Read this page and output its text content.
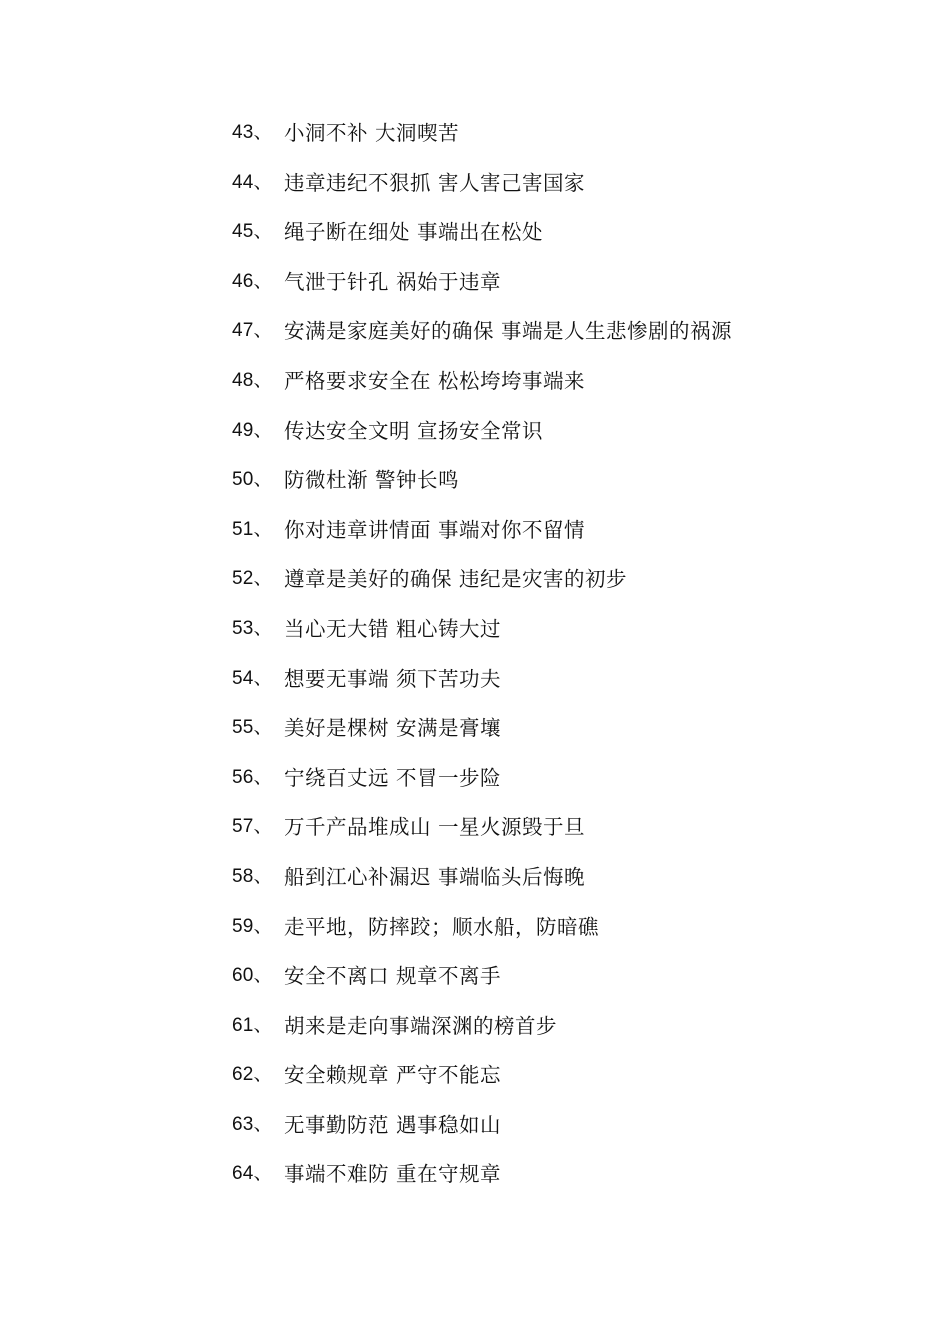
43、 小洞不补 大洞喫苦
44、 违章违纪不狠抓 害人害己害国家
45、 绳子断在细处 事端出在松处
46、 气泄于针孔 祸始于违章
47、 安满是家庭美好的确保 事端是人生悲惨剧的祸源
48、 严格要求安全在 松松垮垮事端来
49、 传达安全文明 宣扬安全常识
50、 防微杜渐 警钟长鸣
51、 你对违章讲情面 事端对你不留情
52、 遵章是美好的确保 违纪是灾害的初步
53、 当心无大错 粗心铸大过
54、 想要无事端 须下苦功夫
55、 美好是棵树 安满是膏壤
56、 宁绕百丈远 不冒一步险
57、 万千产品堆成山 一星火源毁于旦
58、 船到江心补漏迟 事端临头后悔晚
59、 走平地，防摔跤；顺水船，防暗礁
60、 安全不离口 规章不离手
61、 胡来是走向事端深渊的榜首步
62、 安全赖规章 严守不能忘
63、 无事勤防范 遇事稳如山
64、 事端不难防 重在守规章
